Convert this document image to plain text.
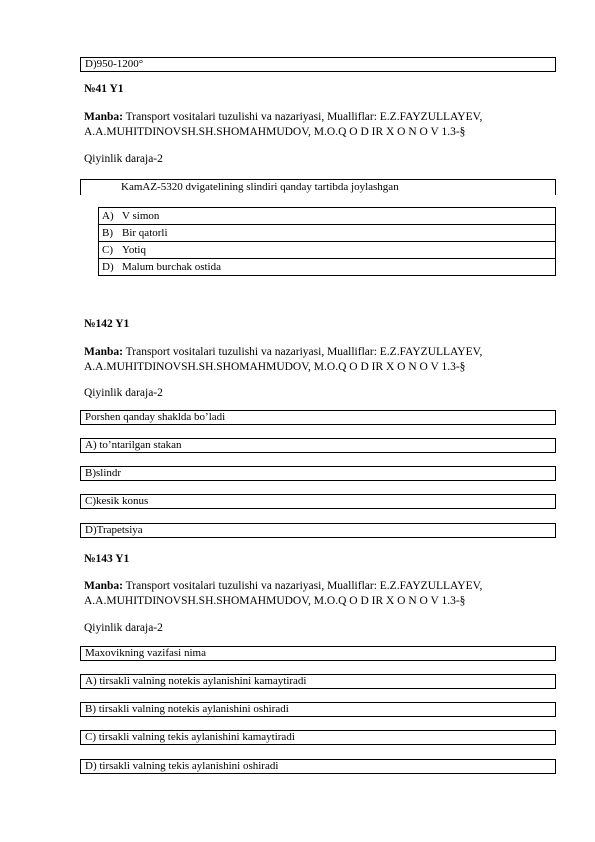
D)950-1200°
№41 Y1
Manba: Transport vositalari tuzulishi va nazariyasi, Mualliflar: E.Z.FAYZULLAYEV,
A.A.MUHITDINOVSH.SH.SHOMAHMUDOV, M.O.Q O D IR X O N O V 1.3-§
Qiyinlik daraja-2
KamAZ-5320 dvigatelining slindiri qanday tartibda joylashgan
A)	V simon
B)	Bir qatorli
C)	Yotiq
D)	Malum burchak ostida
№142 Y1
Manba: Transport vositalari tuzulishi va nazariyasi, Mualliflar: E.Z.FAYZULLAYEV,
A.A.MUHITDINOVSH.SH.SHOMAHMUDOV, M.O.Q O D IR X O N O V 1.3-§
Qiyinlik daraja-2
Porshen qanday shaklda bo’ladi
A) to’ntarilgan stakan
B)slindr
C)kesik konus
D)Trapetsiya
№143 Y1
Manba: Transport vositalari tuzulishi va nazariyasi, Mualliflar: E.Z.FAYZULLAYEV,
A.A.MUHITDINOVSH.SH.SHOMAHMUDOV, M.O.Q O D IR X O N O V 1.3-§
Qiyinlik daraja-2
Maxovikning vazifasi nima
A) tirsakli valning notekis aylanishini kamaytiradi
B) tirsakli valning notekis aylanishini oshiradi
C) tirsakli valning tekis aylanishini kamaytiradi
D) tirsakli valning tekis aylanishini oshiradi
